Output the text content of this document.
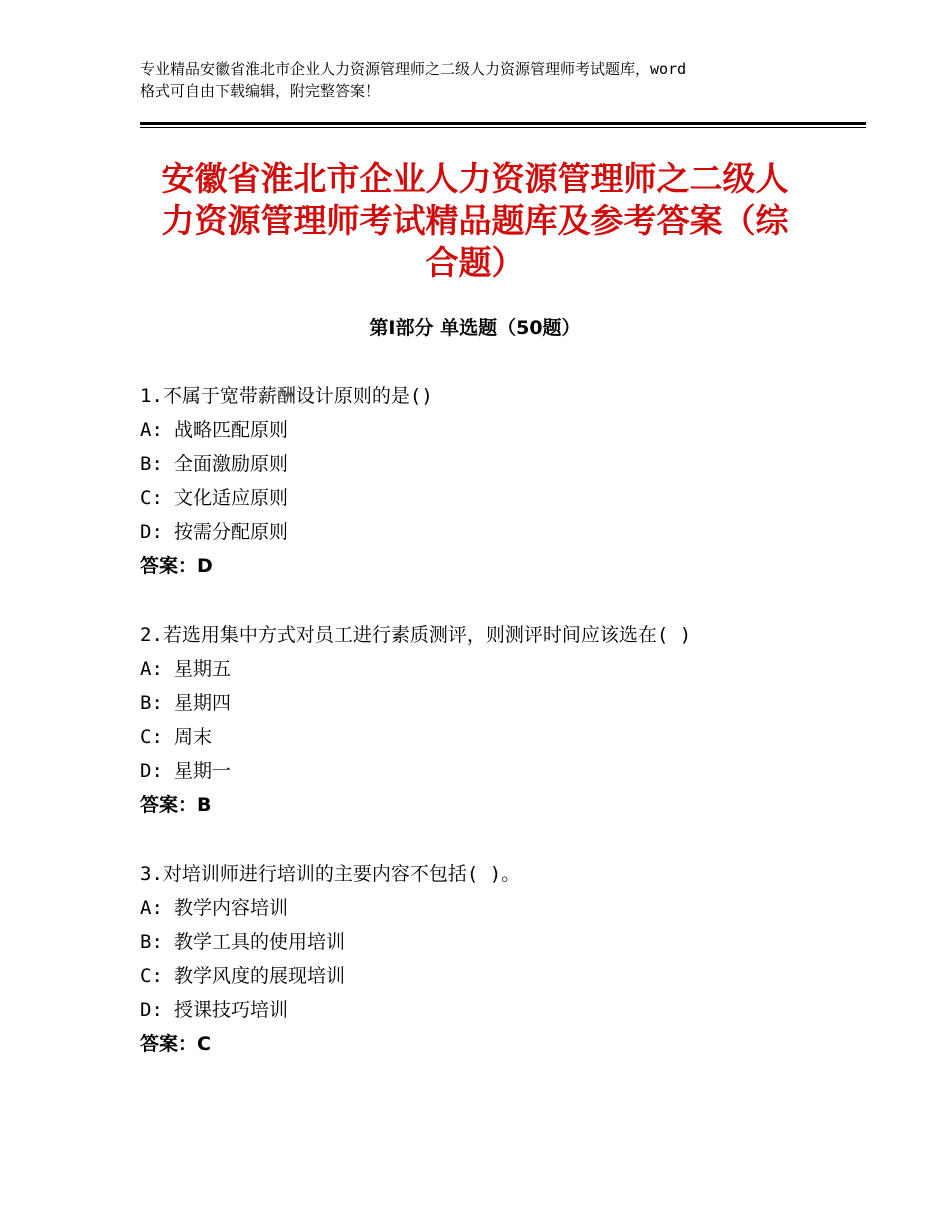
专业精品安徽省淮北市企业人力资源管理师之二级人力资源管理师考试题库，word
格式可自由下载编辑，附完整答案！
安徽省淮北市企业人力资源管理师之二级人
力资源管理师考试精品题库及参考答案（综
合题）
第Ⅰ部分 单选题（50题）
1.不属于宽带薪酬设计原则的是()
A: 战略匹配原则
B: 全面激励原则
C: 文化适应原则
D: 按需分配原则
答案：D
2.若选用集中方式对员工进行素质测评，则测评时间应该选在( )
A: 星期五
B: 星期四
C: 周末
D: 星期一
答案：B
3.对培训师进行培训的主要内容不包括( )。
A: 教学内容培训
B: 教学工具的使用培训
C: 教学风度的展现培训
D: 授课技巧培训
答案：C
